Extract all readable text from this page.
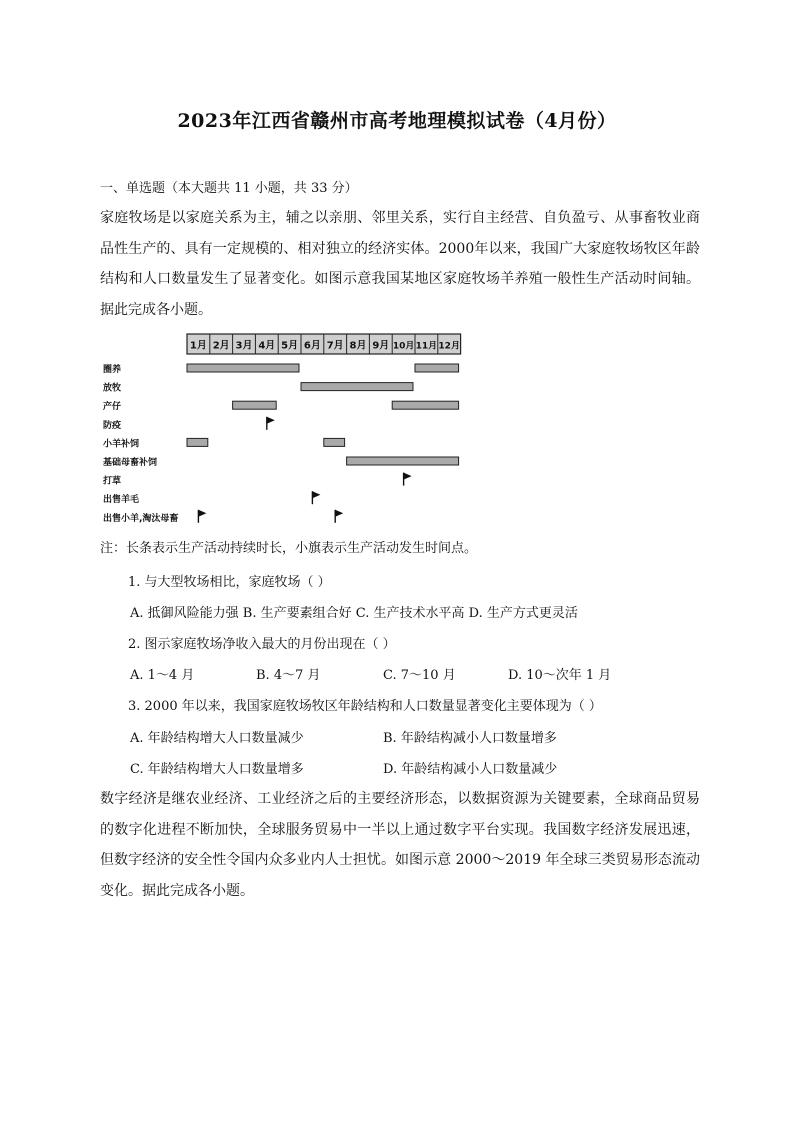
2023年江西省赣州市高考地理模拟试卷（4月份）
一、单选题（本大题共 11 小题，共 33 分）
家庭牧场是以家庭关系为主，辅之以亲朋、邻里关系，实行自主经营、自负盈亏、从事畜牧业商品性生产的、具有一定规模的、相对独立的经济实体。2000年以来，我国广大家庭牧场牧区年龄结构和人口数量发生了显著变化。如图示意我国某地区家庭牧场羊养殖一般性生产活动时间轴。据此完成各小题。
1月 2月 3月 4月 5月 6月 7月 8月 9月 10月 11月 12月
圈养
放牧
产仔
防疫
小羊补饲
基础母畜补饲
打草
出售羊毛
出售小羊,淘汰母畜
注：长条表示生产活动持续时长，小旗表示生产活动发生时间点。
1. 与大型牧场相比，家庭牧场（ ）
A. 抵御风险能力强 B. 生产要素组合好 C. 生产技术水平高 D. 生产方式更灵活
2. 图示家庭牧场净收入最大的月份出现在（ ）
A. 1～4 月	B. 4～7 月	C. 7～10 月	D. 10～次年 1 月
3. 2000 年以来，我国家庭牧场牧区年龄结构和人口数量显著变化主要体现为（ ）
A. 年龄结构增大人口数量减少	B. 年龄结构减小人口数量增多
C. 年龄结构增大人口数量增多	D. 年龄结构减小人口数量减少
数字经济是继农业经济、工业经济之后的主要经济形态，以数据资源为关键要素，全球商品贸易的数字化进程不断加快，全球服务贸易中一半以上通过数字平台实现。我国数字经济发展迅速，但数字经济的安全性令国内众多业内人士担忧。如图示意 2000～2019 年全球三类贸易形态流动变化。据此完成各小题。
